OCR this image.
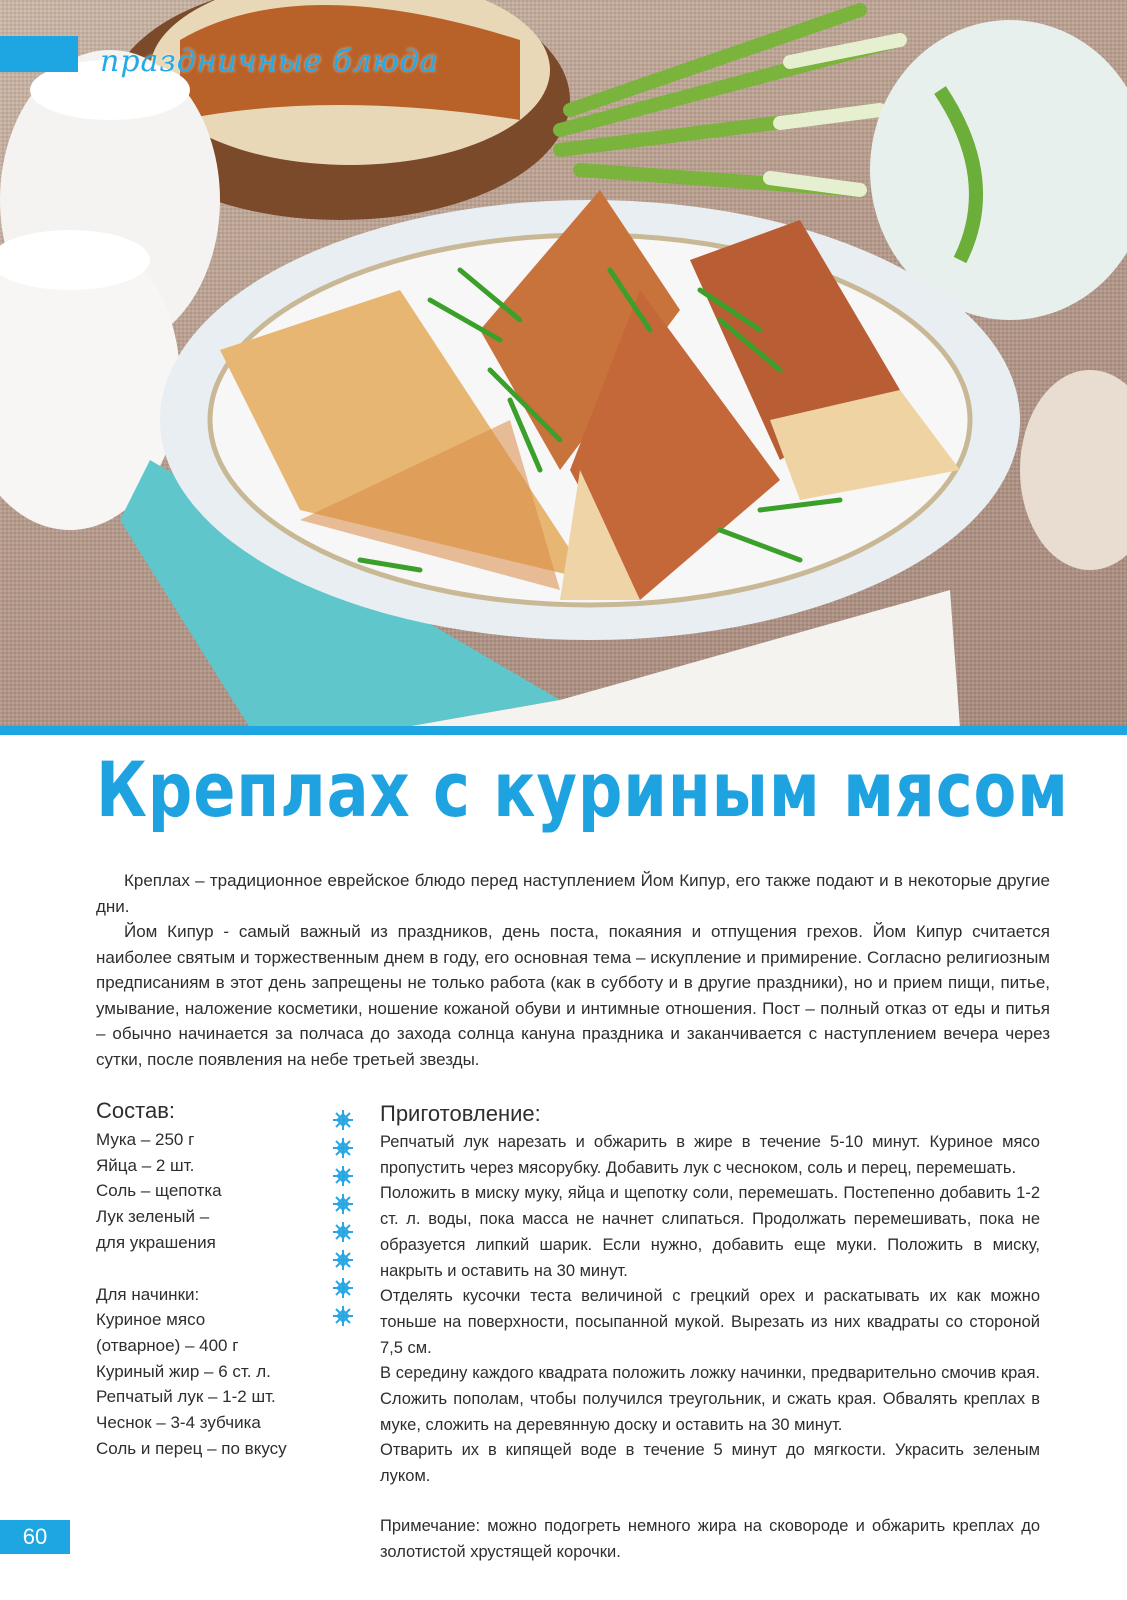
праздничные блюда
Креплах с куриным мясом

Креплах – традиционное еврейское блюдо перед наступлением Йом Кипур, его также подают и в некоторые другие дни.

Йом Кипур - самый важный из праздников, день поста, покаяния и отпущения грехов. Йом Кипур считается наиболее святым и торжественным днем в году, его основная тема – искупление и примирение. Согласно религиозным предписаниям в этот день запрещены не только работа (как в субботу и в другие праздники), но и прием пищи, питье, умывание, наложение косметики, ношение кожаной обуви и интимные отношения. Пост – полный отказ от еды и питья – обычно начинается за полчаса до захода солнца кануна праздника и заканчивается с наступлением вечера через сутки, после появления на небе третьей звезды.

Состав:
Мука – 250 г
Яйца – 2 шт.
Соль – щепотка
Лук зеленый –
для украшения
Для начинки:
Куриное мясо
(отварное) – 400 г
Куриный жир – 6 ст. л.
Репчатый лук – 1-2 шт.
Чеснок – 3-4 зубчика
Соль и перец – по вкусу
Приготовление:

Репчатый лук нарезать и обжарить в жире в течение 5-10 минут. Куриное мясо пропустить через мясорубку. Добавить лук с чесноком, соль и перец, перемешать.

Положить в миску муку, яйца и щепотку соли, перемешать. Постепенно добавить 1-2 ст. л. воды, пока масса не начнет слипаться. Продолжать перемешивать, пока не образуется липкий шарик. Если нужно, добавить еще муки. Положить в миску, накрыть и оставить на 30 минут.

Отделять кусочки теста величиной с грецкий орех и раскатывать их как можно тоньше на поверхности, посыпанной мукой. Вырезать из них квадраты со стороной 7,5 см.

В середину каждого квадрата положить ложку начинки, предварительно смочив края. Сложить пополам, чтобы получился треугольник, и сжать края. Обвалять креплах в муке, сложить на деревянную доску и оставить на 30 минут.

Отварить их в кипящей воде в течение 5 минут до мягкости. Украсить зеленым луком.

Примечание: можно подогреть немного жира на сковороде и обжарить креплах до золотистой хрустящей корочки.

60
